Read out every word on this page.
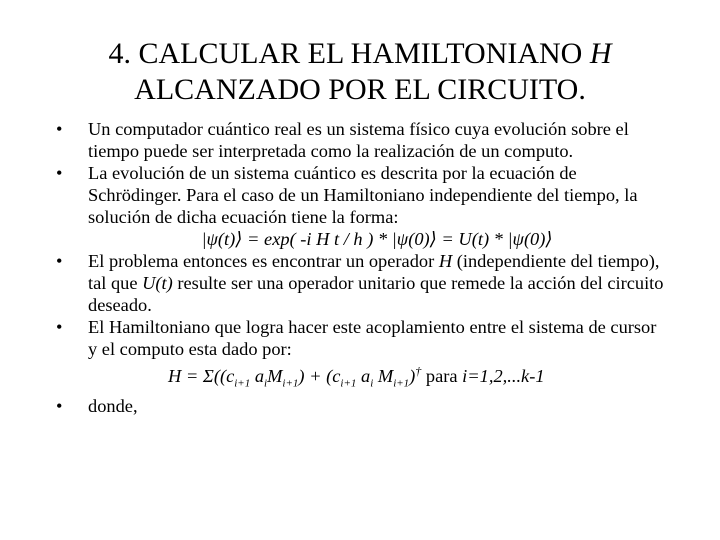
4. CALCULAR EL HAMILTONIANO H
ALCANZADO POR EL CIRCUITO.
•	Un computador cuántico real es un sistema físico cuya evolución sobre el tiempo puede ser interpretada como la realización de un computo.
•	La evolución de un sistema cuántico es descrita por la ecuación de Schrödinger. Para el caso de un Hamiltoniano independiente del tiempo, la solución de dicha ecuación tiene la forma:
|ψ(t)⟩ = exp( -i H t / h ) * |ψ(0)⟩ = U(t) * |ψ(0)⟩
•	El problema entonces es encontrar un operador H (independiente del tiempo), tal que U(t) resulte ser una operador unitario que remede la acción del circuito deseado.
•	El Hamiltoniano que logra hacer este acoplamiento entre el sistema de cursor y el computo esta dado por:
$H = \Sigma((c_{i+1}$ $a_iM_{i+1}) + (c_{i+1}$ $a_i$ $M_{i+1})^\dagger$ para i=1,2,...k-1
•	donde,
